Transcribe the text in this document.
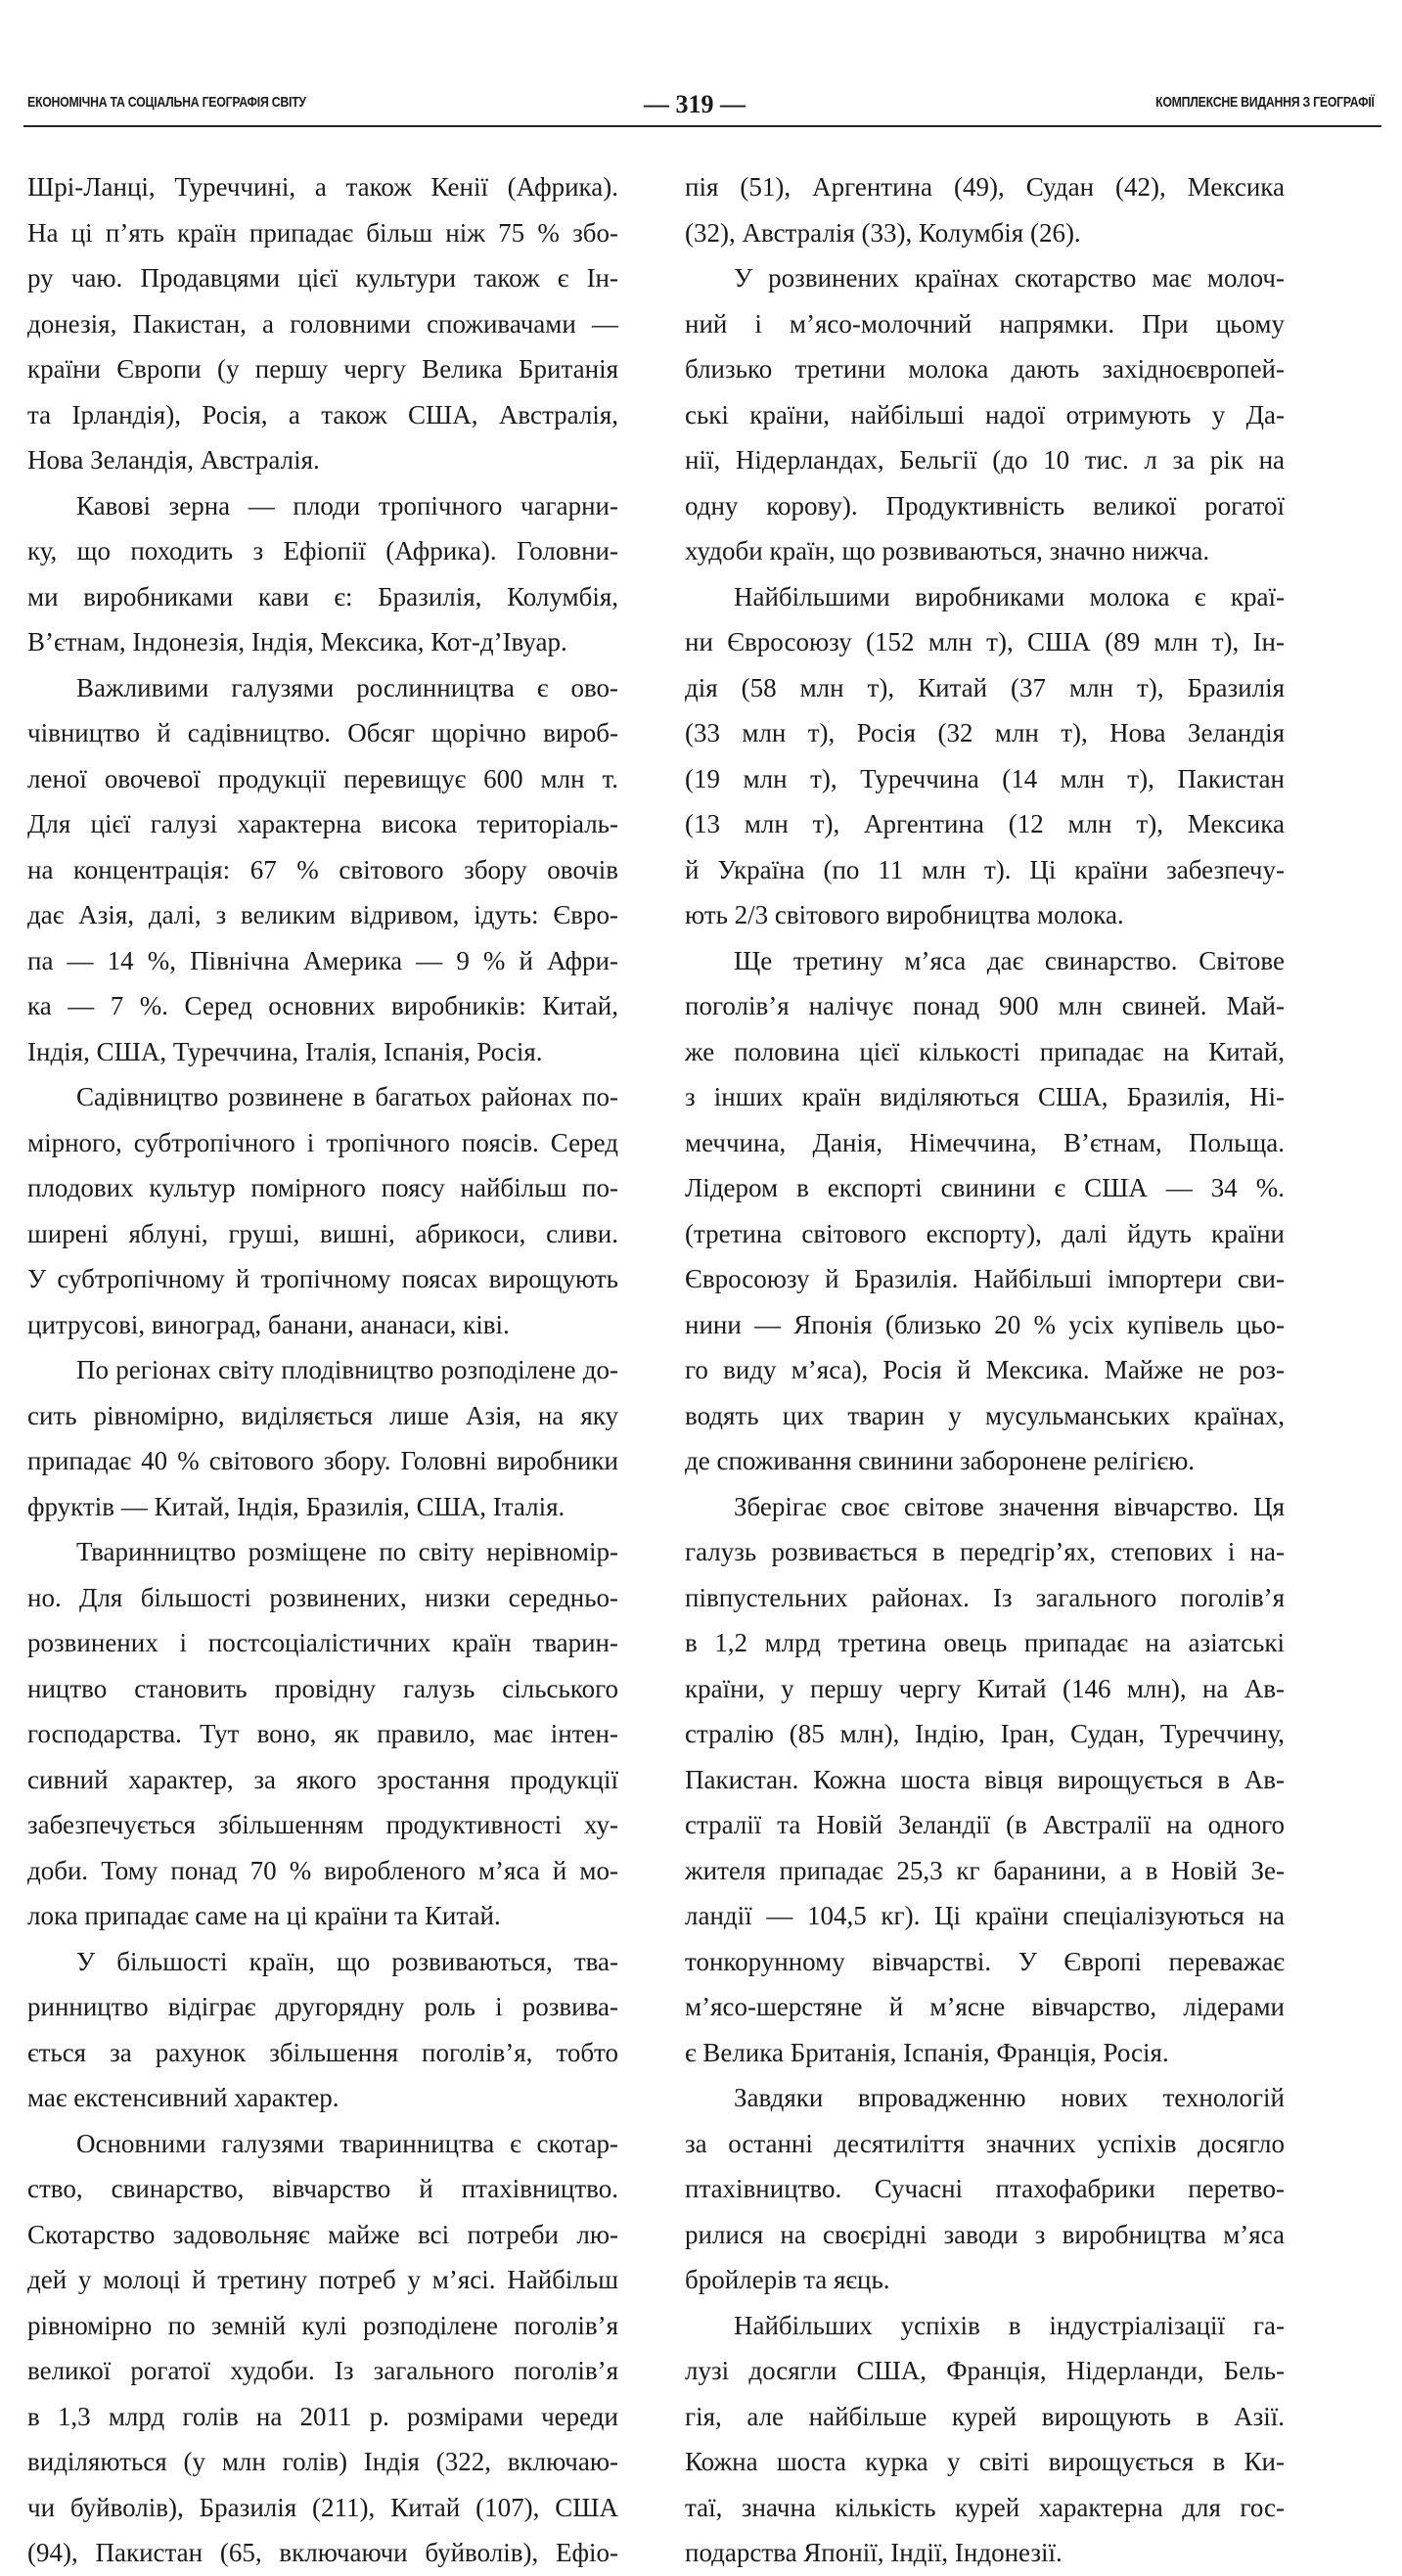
ЕКОНОМІЧНА ТА СОЦІАЛЬНА ГЕОГРАФІЯ СВІТУ	— 319 —	КОМПЛЕКСНЕ ВИДАННЯ З ГЕОГРАФІЇ
Шрі-Ланці, Туреччині, а також Кенії (Африка).
На ці п’ять країн припадає більш ніж 75 % збо-
ру чаю. Продавцями цієї культури також є Ін-
донезія, Пакистан, а головними споживачами —
країни Європи (у першу чергу Велика Британія
та Ірландія), Росія, а також США, Австралія,
Нова Зеландія, Австралія.
Кавові зерна — плоди тропічного чагарни-
ку, що походить з Ефіопії (Африка). Головни-
ми виробниками кави є: Бразилія, Колумбія,
В’єтнам, Індонезія, Індія, Мексика, Кот-д’Івуар.
Важливими галузями рослинництва є ово-
чівництво й садівництво. Обсяг щорічно вироб-
леної овочевої продукції перевищує 600 млн т.
Для цієї галузі характерна висока територіаль-
на концентрація: 67 % світового збору овочів
дає Азія, далі, з великим відривом, ідуть: Євро-
па — 14 %, Північна Америка — 9 % й Афри-
ка — 7 %. Серед основних виробників: Китай,
Індія, США, Туреччина, Італія, Іспанія, Росія.
Садівництво розвинене в багатьох районах по-
мірного, субтропічного і тропічного поясів. Серед
плодових культур помірного поясу найбільш по-
ширені яблуні, груші, вишні, абрикоси, сливи.
У субтропічному й тропічному поясах вирощують
цитрусові, виноград, банани, ананаси, ківі.
По регіонах світу плодівництво розподілене до-
сить рівномірно, виділяється лише Азія, на яку
припадає 40 % світового збору. Головні виробники
фруктів — Китай, Індія, Бразилія, США, Італія.
Тваринництво розміщене по світу нерівномір-
но. Для більшості розвинених, низки середньо-
розвинених і постсоціалістичних країн тварин-
ництво становить провідну галузь сільського
господарства. Тут воно, як правило, має інтен-
сивний характер, за якого зростання продукції
забезпечується збільшенням продуктивності ху-
доби. Тому понад 70 % виробленого м’яса й мо-
лока припадає саме на ці країни та Китай.
У більшості країн, що розвиваються, тва-
ринництво відіграє другорядну роль і розвива-
ється за рахунок збільшення поголів’я, тобто
має екстенсивний характер.
Основними галузями тваринництва є скотар-
ство, свинарство, вівчарство й птахівництво.
Скотарство задовольняє майже всі потреби лю-
дей у молоці й третину потреб у м’ясі. Найбільш
рівномірно по земній кулі розподілене поголів’я
великої рогатої худоби. Із загального поголів’я
в 1,3 млрд голів на 2011 р. розмірами череди
виділяються (у млн голів) Індія (322, включаю-
чи буйволів), Бразилія (211), Китай (107), США
(94), Пакистан (65, включаючи буйволів), Ефіо-
пія (51), Аргентина (49), Судан (42), Мексика
(32), Австралія (33), Колумбія (26).
У розвинених країнах скотарство має молоч-
ний і м’ясо-молочний напрямки. При цьому
близько третини молока дають західноєвропей-
ські країни, найбільші надої отримують у Да-
нії, Нідерландах, Бельгії (до 10 тис. л за рік на
одну корову). Продуктивність великої рогатої
худоби країн, що розвиваються, значно нижча.
Найбільшими виробниками молока є краї-
ни Євросоюзу (152 млн т), США (89 млн т), Ін-
дія (58 млн т), Китай (37 млн т), Бразилія
(33 млн т), Росія (32 млн т), Нова Зеландія
(19 млн т), Туреччина (14 млн т), Пакистан
(13 млн т), Аргентина (12 млн т), Мексика
й Україна (по 11 млн т). Ці країни забезпечу-
ють 2/3 світового виробництва молока.
Ще третину м’яса дає свинарство. Світове
поголів’я налічує понад 900 млн свиней. Май-
же половина цієї кількості припадає на Китай,
з інших країн виділяються США, Бразилія, Ні-
меччина, Данія, Німеччина, В’єтнам, Польща.
Лідером в експорті свинини є США — 34 %.
(третина світового експорту), далі йдуть країни
Євросоюзу й Бразилія. Найбільші імпортери сви-
нини — Японія (близько 20 % усіх купівель цьо-
го виду м’яса), Росія й Мексика. Майже не роз-
водять цих тварин у мусульманських країнах,
де споживання свинини заборонене релігією.
Зберігає своє світове значення вівчарство. Ця
галузь розвивається в передгір’ях, степових і на-
півпустельних районах. Із загального поголів’я
в 1,2 млрд третина овець припадає на азіатські
країни, у першу чергу Китай (146 млн), на Ав-
стралію (85 млн), Індію, Іран, Судан, Туреччину,
Пакистан. Кожна шоста вівця вирощується в Ав-
стралії та Новій Зеландії (в Австралії на одного
жителя припадає 25,3 кг баранини, а в Новій Зе-
ландії — 104,5 кг). Ці країни спеціалізуються на
тонкорунному вівчарстві. У Європі переважає
м’ясо-шерстяне й м’ясне вівчарство, лідерами
є Велика Британія, Іспанія, Франція, Росія.
Завдяки впровадженню нових технологій
за останні десятиліття значних успіхів досягло
птахівництво. Сучасні птахофабрики перетво-
рилися на своєрідні заводи з виробництва м’яса
бройлерів та яєць.
Найбільших успіхів в індустріалізації га-
лузі досягли США, Франція, Нідерланди, Бель-
гія, але найбільше курей вирощують в Азії.
Кожна шоста курка у світі вирощується в Ки-
таї, значна кількість курей характерна для гос-
подарства Японії, Індії, Індонезії.
